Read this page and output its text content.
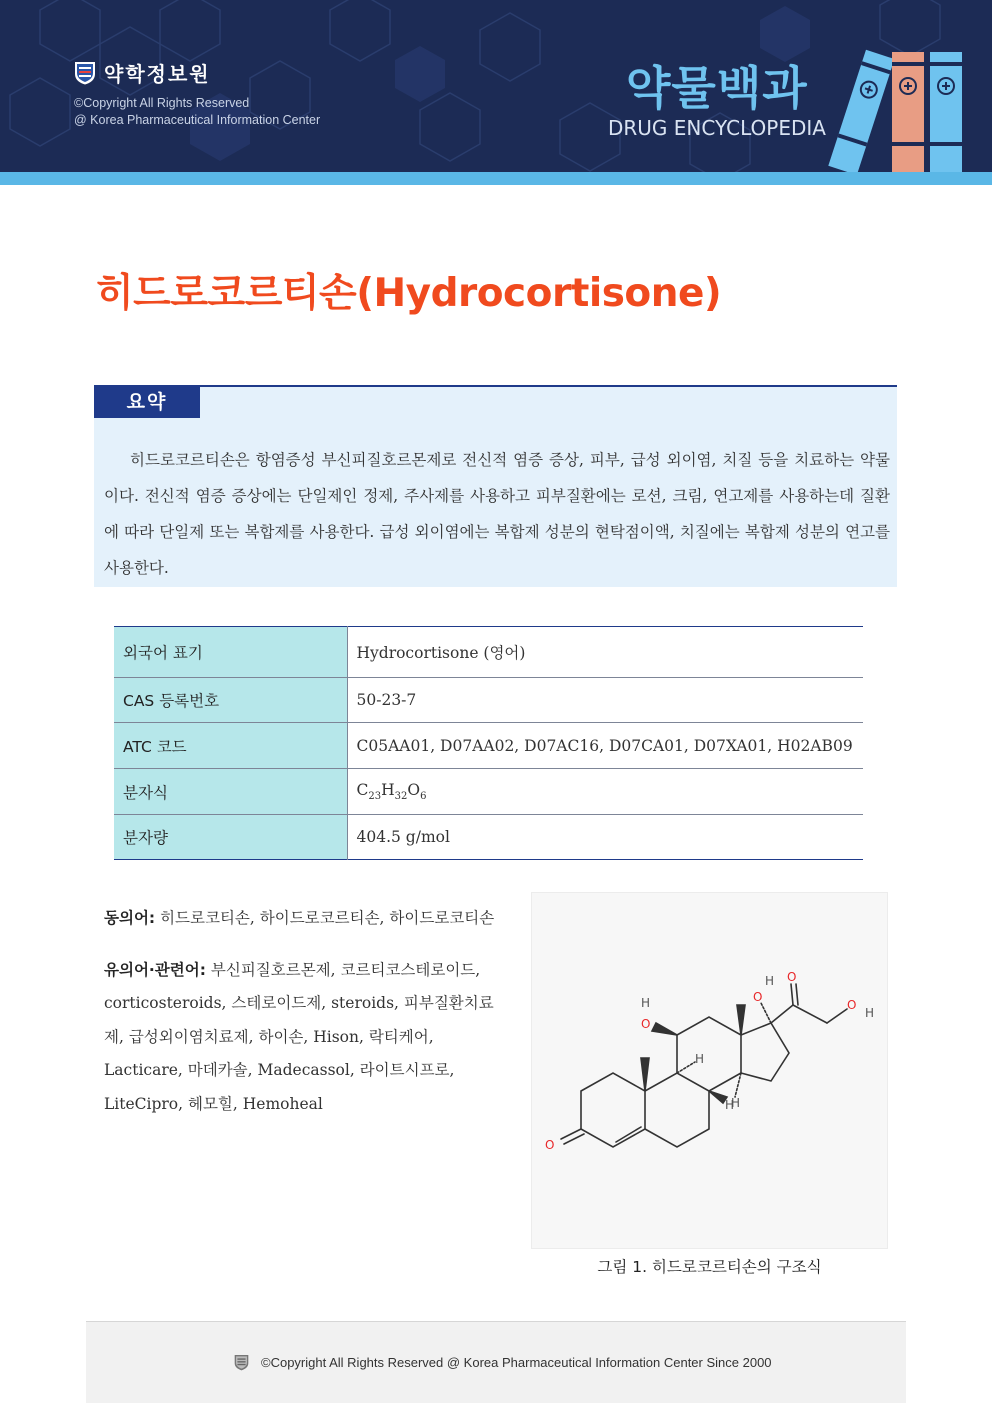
약학정보원
©Copyright All Rights Reserved
@ Korea Pharmaceutical Information Center
약물백과
DRUG ENCYCLOPEDIA
히드로코르티손(Hydrocortisone)
요약

히드로코르티손은 항염증성 부신피질호르몬제로 전신적 염증 증상, 피부, 급성 외이염, 치질 등을 치료하는 약물이다. 전신적 염증 증상에는 단일제인 정제, 주사제를 사용하고 피부질환에는 로션, 크림, 연고제를 사용하는데 질환에 따라 단일제 또는 복합제를 사용한다. 급성 외이염에는 복합제 성분의 현탁점이액, 치질에는 복합제 성분의 연고를 사용한다.

외국어 표기	Hydrocortisone (영어)
CAS 등록번호	50-23-7
ATC 코드	C05AA01, D07AA02, D07AC16, D07CA01, D07XA01, H02AB09
분자식	$C_{23}H_{32}O_6$
분자량	404.5 g/mol

동의어: 히드로코티손, 하이드로코르티손, 하이드로코티손

유의어·관련어: 부신피질호르몬제, 코르티코스테로이드, corticosteroids, 스테로이드제, steroids, 피부질환치료제, 급성외이염치료제, 하이손, Hison, 락티케어, Lacticare, 마데카솔, Madecassol, 라이트시프로, LiteCipro, 헤모힐, Hemoheal

O
O
H	O
H O
O
H
H
H
H
그림 1. 히드로코르티손의 구조식
©Copyright All Rights Reserved @ Korea Pharmaceutical Information Center Since 2000
